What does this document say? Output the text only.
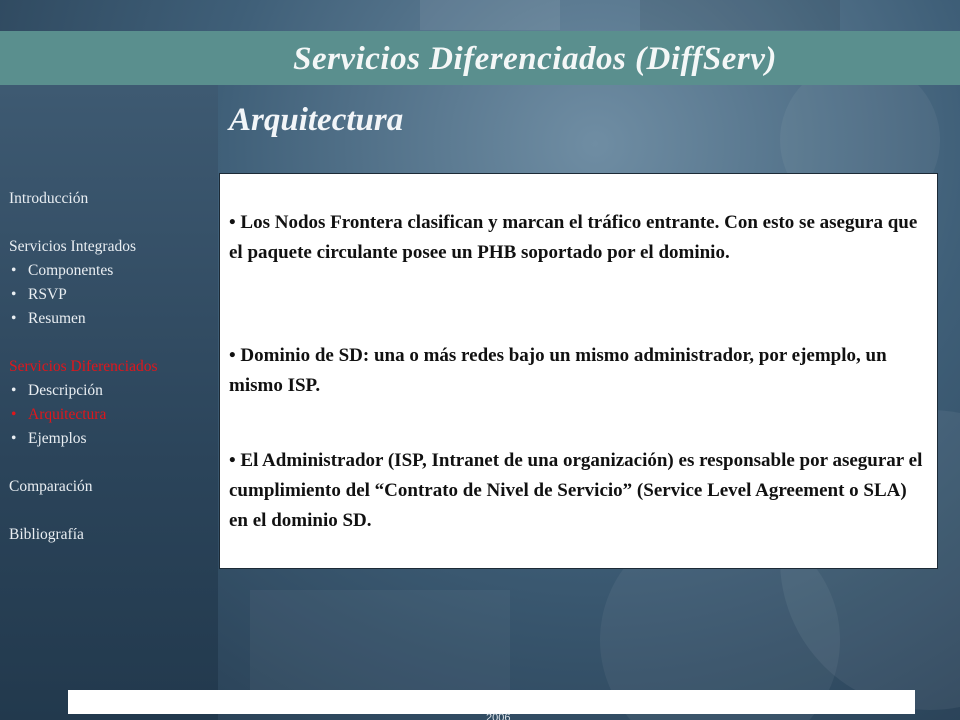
Servicios Diferenciados (DiffServ)
Arquitectura
Introducción
Servicios Integrados
• Componentes
• RSVP
• Resumen
Servicios Diferenciados
• Descripción
• Arquitectura
• Ejemplos
Comparación
Bibliografía
• Los Nodos Frontera clasifican y marcan el tráfico entrante. Con esto se asegura que el paquete circulante posee un PHB soportado por el dominio.
• Dominio de SD: una o más redes bajo un mismo administrador, por ejemplo, un mismo ISP.
• El Administrador (ISP, Intranet de una organización) es responsable por asegurar el cumplimiento del “Contrato de Nivel de Servicio” (Service Level Agreement o SLA) en el dominio SD.
2006
